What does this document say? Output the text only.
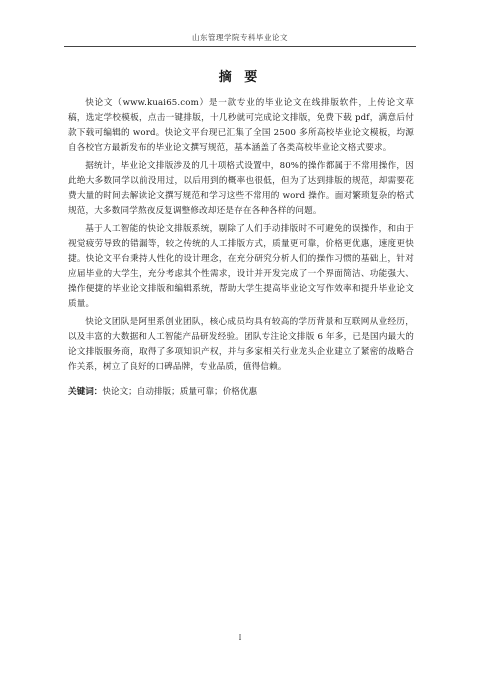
山东管理学院专科毕业论文
摘 要

快论文（www.kuai65.com）是一款专业的毕业论文在线排版软件，上传论文草稿，选定学校模板，点击一键排版，十几秒就可完成论文排版，免费下载 pdf，满意后付款下载可编辑的 word。快论文平台现已汇集了全国 2500 多所高校毕业论文模板，均源自各校官方最新发布的毕业论文撰写规范，基本涵盖了各类高校毕业论文格式要求。

据统计，毕业论文排版涉及的几十项格式设置中，80%的操作都属于不常用操作，因此绝大多数同学以前没用过，以后用到的概率也很低，但为了达到排版的规范，却需要花费大量的时间去解读论文撰写规范和学习这些不常用的 word 操作。面对繁琐复杂的格式规范，大多数同学熬夜反复调整修改却还是存在各种各样的问题。

基于人工智能的快论文排版系统，剔除了人们手动排版时不可避免的误操作，和由于视觉疲劳导致的错漏等，较之传统的人工排版方式，质量更可靠，价格更优惠，速度更快捷。快论文平台秉持人性化的设计理念，在充分研究分析人们的操作习惯的基础上，针对应届毕业的大学生，充分考虑其个性需求，设计并开发完成了一个界面简洁、功能强大、操作便捷的毕业论文排版和编辑系统，帮助大学生提高毕业论文写作效率和提升毕业论文质量。

快论文团队是阿里系创业团队，核心成员均具有较高的学历背景和互联网从业经历，以及丰富的大数据和人工智能产品研发经验。团队专注论文排版 6 年多，已是国内最大的论文排版服务商，取得了多项知识产权，并与多家相关行业龙头企业建立了紧密的战略合作关系，树立了良好的口碑品牌，专业品质，值得信赖。

关键词：快论文；自动排版；质量可靠；价格优惠
I
